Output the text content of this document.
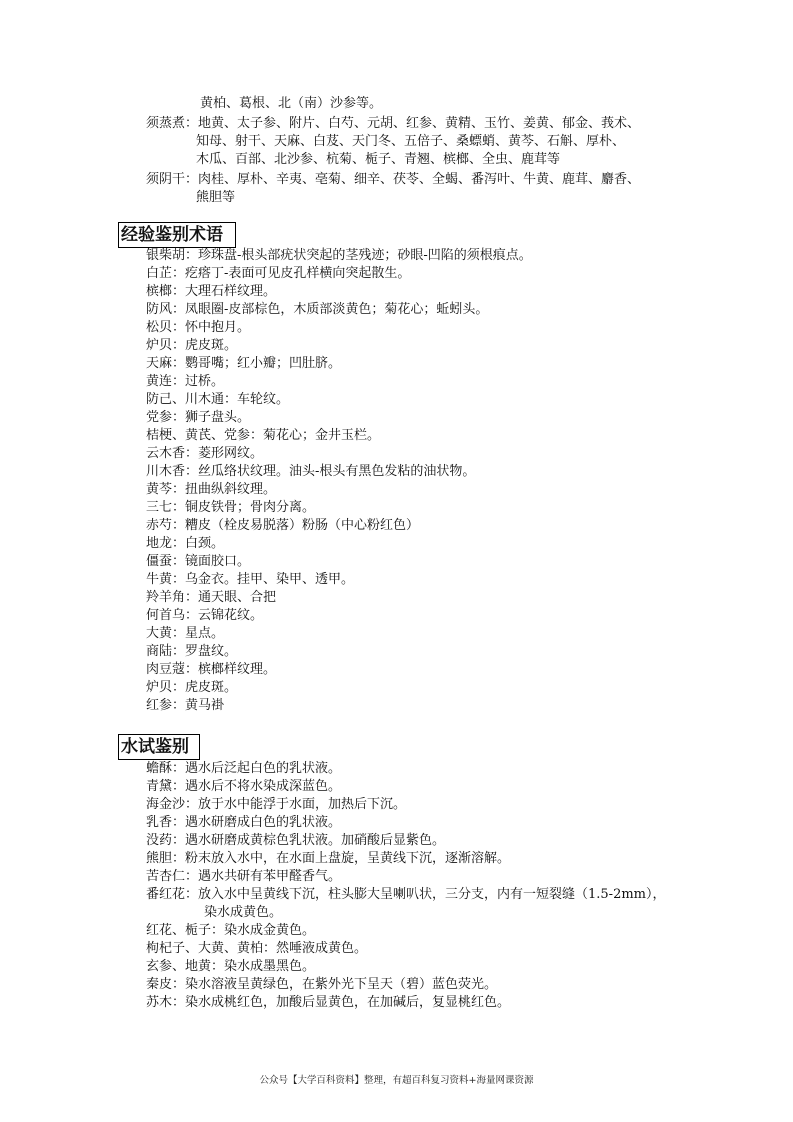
黄柏、葛根、北（南）沙参等。
须蒸煮：地黄、太子参、附片、白芍、元胡、红参、黄精、玉竹、姜黄、郁金、莪术、
知母、射干、天麻、白芨、天门冬、五倍子、桑螵蛸、黄芩、石斛、厚朴、
木瓜、百部、北沙参、杭菊、栀子、青翘、槟榔、全虫、鹿茸等
须阴干：肉桂、厚朴、辛夷、亳菊、细辛、茯苓、全蝎、番泻叶、牛黄、鹿茸、麝香、
熊胆等
经验鉴别术语
银柴胡：珍珠盘-根头部疣状突起的茎残迹；砂眼-凹陷的须根痕点。
白芷：疙瘩丁-表面可见皮孔样横向突起散生。
槟榔：大理石样纹理。
防风：凤眼圈-皮部棕色，木质部淡黄色；菊花心；蚯蚓头。
松贝：怀中抱月。
炉贝：虎皮斑。
天麻：鹦哥嘴；红小瓣；凹肚脐。
黄连：过桥。
防己、川木通：车轮纹。
党参：狮子盘头。
桔梗、黄芪、党参：菊花心；金井玉栏。
云木香：菱形网纹。
川木香：丝瓜络状纹理。油头-根头有黑色发粘的油状物。
黄芩：扭曲纵斜纹理。
三七：铜皮铁骨；骨肉分离。
赤芍：糟皮（栓皮易脱落）粉肠（中心粉红色）
地龙：白颈。
僵蚕：镜面胶口。
牛黄：乌金衣。挂甲、染甲、透甲。
羚羊角：通天眼、合把
何首乌：云锦花纹。
大黄：星点。
商陆：罗盘纹。
肉豆蔻：槟榔样纹理。
炉贝：虎皮斑。
红参：黄马褂
水试鉴别
蟾酥：遇水后泛起白色的乳状液。
青黛：遇水后不将水染成深蓝色。
海金沙：放于水中能浮于水面，加热后下沉。
乳香：遇水研磨成白色的乳状液。
没药：遇水研磨成黄棕色乳状液。加硝酸后显紫色。
熊胆：粉末放入水中，在水面上盘旋，呈黄线下沉，逐渐溶解。
苦杏仁：遇水共研有苯甲醛香气。
番红花：放入水中呈黄线下沉，柱头膨大呈喇叭状，三分支，内有一短裂缝（1.5-2mm），
染水成黄色。
红花、栀子：染水成金黄色。
枸杞子、大黄、黄柏：然唾液成黄色。
玄参、地黄：染水成墨黑色。
秦皮：染水溶液呈黄绿色，在紫外光下呈天（碧）蓝色荧光。
苏木：染水成桃红色，加酸后显黄色，在加碱后，复显桃红色。
公众号【大学百科资料】整理，有超百科复习资料+海量网课资源
